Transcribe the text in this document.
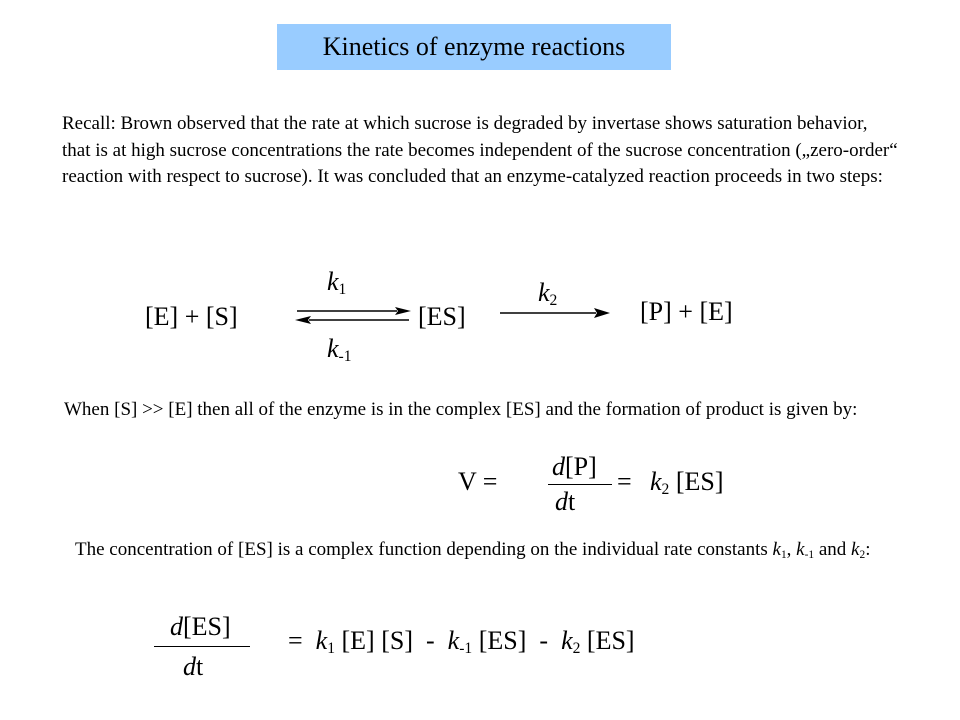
Kinetics of enzyme reactions
Recall: Brown observed that the rate at which sucrose is degraded by invertase shows saturation behavior, that is at high sucrose concentrations the rate becomes independent of the sucrose concentration („zero-order“ reaction with respect to sucrose). It was concluded that an enzyme-catalyzed reaction proceeds in two steps:
[E] + [S]
$k_1$
$k_{-1}$
[ES]
$k_2$	[P] + [E]
When [S] >> [E] then all of the enzyme is in the complex [ES] and the formation of product is given by:
V =
d[P]
dt
= $k_2$ [ES]
The concentration of [ES] is a complex function depending on the individual rate constants $k_1$, $k_{-1}$ and $k_2$:
d[ES]
dt
= $k_1$ [E] $[S] - k_{-1}$ $[ES] - k_2$ [ES]
